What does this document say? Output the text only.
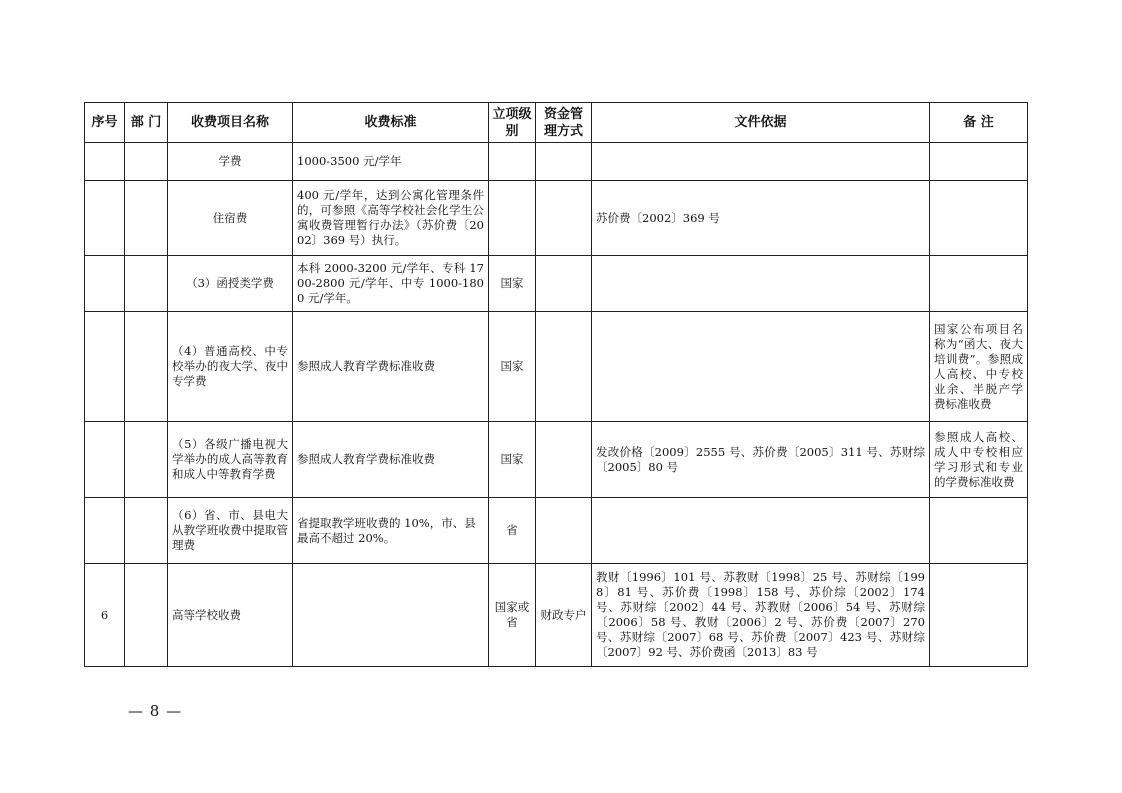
序号	部 门	收费项目名称	收费标准	立项级别	资金管理方式	文件依据	备 注
		学费	1000-3500 元/学年				
		住宿费	400 元/学年，达到公寓化管理条件的，可参照《高等学校社会化学生公寓收费管理暂行办法》（苏价费〔2002〕369 号）执行。			苏价费〔2002〕369 号	
		（3）函授类学费	本科 2000-3200 元/学年、专科 1700-2800 元/学年、中专 1000-1800 元/学年。	国家			
		（4）普通高校、中专校举办的夜大学、夜中专学费	参照成人教育学费标准收费	国家			国家公布项目名称为“函大、夜大培训费”。参照成人高校、中专校业余、半脱产学费标准收费
		（5）各级广播电视大学举办的成人高等教育和成人中等教育学费	参照成人教育学费标准收费	国家		发改价格〔2009〕2555 号、苏价费〔2005〕311 号、苏财综〔2005〕80 号	参照成人高校、成人中专校相应学习形式和专业的学费标准收费
		（6）省、市、县电大从教学班收费中提取管理费	省提取教学班收费的 10%，市、县最高不超过 20%。	省			
6		高等学校收费		国家或省	财政专户	教财〔1996〕101 号、苏教财〔1998〕25 号、苏财综〔1998〕81 号、苏价费〔1998〕158 号、苏价综〔2002〕174 号、苏财综〔2002〕44 号、苏教财〔2006〕54 号、苏财综〔2006〕58 号、教财〔2006〕2 号、苏价费〔2007〕270 号、苏财综〔2007〕68 号、苏价费〔2007〕423 号、苏财综〔2007〕92 号、苏价费函〔2013〕83 号	
— 8 —
